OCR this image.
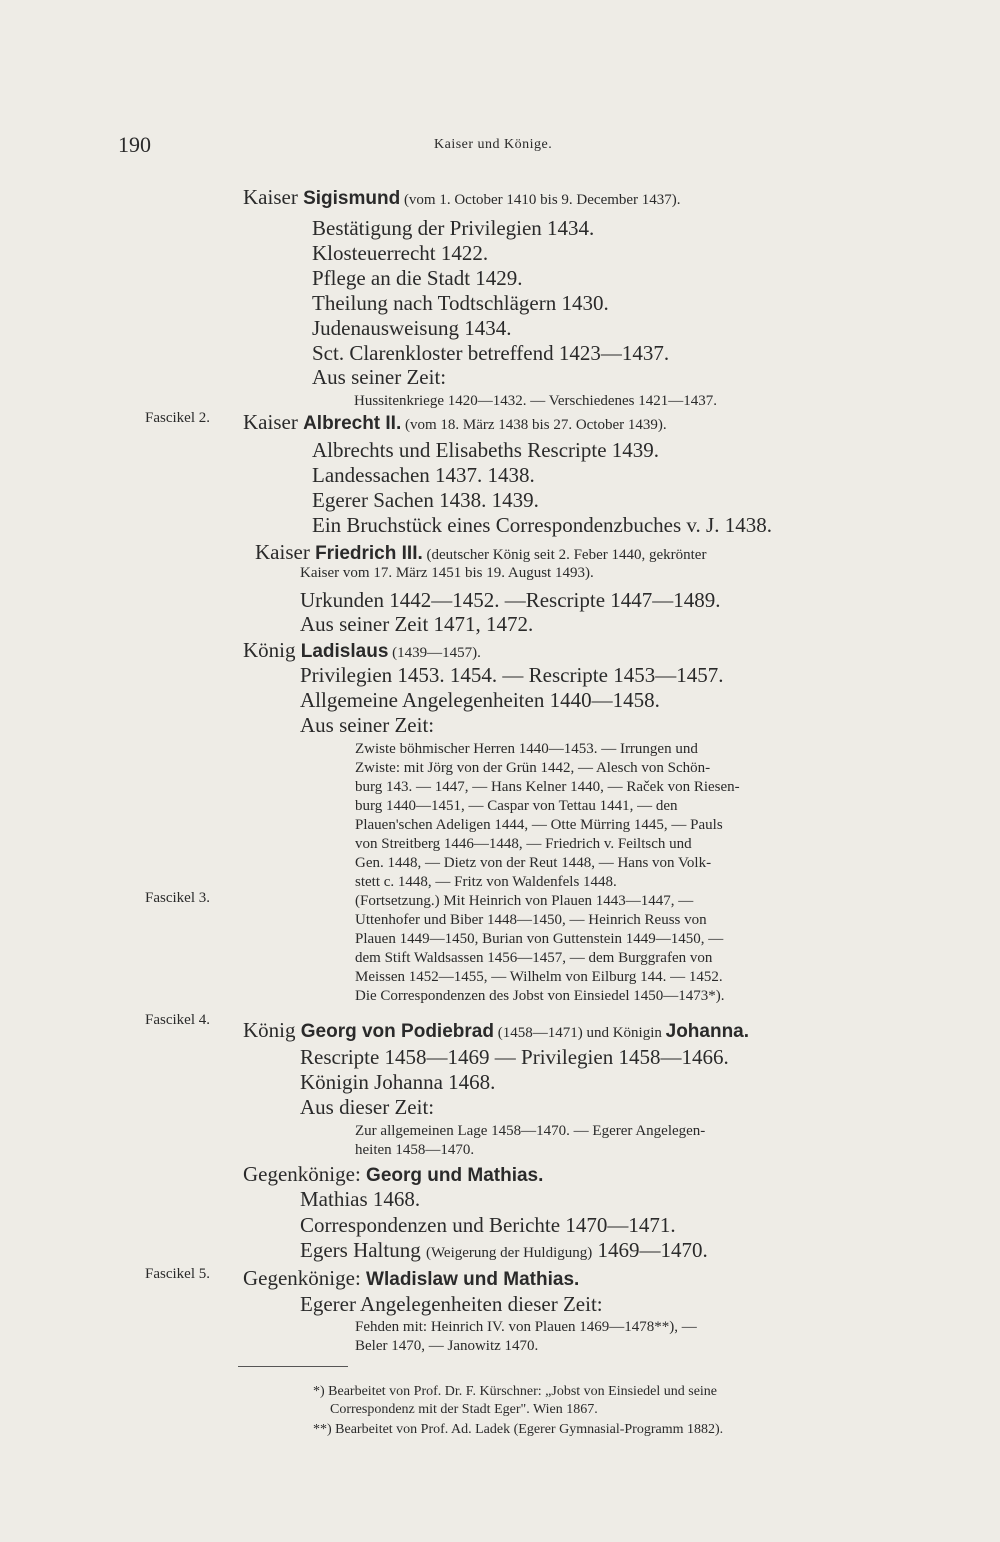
190	Kaiser und Könige.
Fascikel 2.
Fascikel 3.
Fascikel 4.
Fascikel 5.
Kaiser Sigismund (vom 1. October 1410 bis 9. December 1437).
Bestätigung der Privilegien 1434.
Klosteuerrecht 1422.
Pflege an die Stadt 1429.
Theilung nach Todtschlägern 1430.
Judenausweisung 1434.
Sct. Clarenkloster betreffend 1423—1437.
Aus seiner Zeit:
Hussitenkriege 1420—1432. — Verschiedenes 1421—1437.
Kaiser Albrecht II. (vom 18. März 1438 bis 27. October 1439).
Albrechts und Elisabeths Rescripte 1439.
Landessachen 1437. 1438.
Egerer Sachen 1438. 1439.
Ein Bruchstück eines Correspondenzbuches v. J. 1438.
Kaiser Friedrich III. (deutscher König seit 2. Feber 1440, gekrönter
Kaiser vom 17. März 1451 bis 19. August 1493).
Urkunden 1442—1452. —Rescripte 1447—1489.
Aus seiner Zeit 1471, 1472.
König Ladislaus (1439—1457).
Privilegien 1453. 1454. — Rescripte 1453—1457.
Allgemeine Angelegenheiten 1440—1458.
Aus seiner Zeit:
Zwiste böhmischer Herren 1440—1453. — Irrungen und
Zwiste: mit Jörg von der Grün 1442, — Alesch von Schön-
burg 143. — 1447, — Hans Kelner 1440, — Raček von Riesen-
burg 1440—1451, — Caspar von Tettau 1441, — den
Plauen'schen Adeligen 1444, — Otte Mürring 1445, — Pauls
von Streitberg 1446—1448, — Friedrich v. Feiltsch und
Gen. 1448, — Dietz von der Reut 1448, — Hans von Volk-
stett c. 1448, — Fritz von Waldenfels 1448.
(Fortsetzung.) Mit Heinrich von Plauen 1443—1447, —
Uttenhofer und Biber 1448—1450, — Heinrich Reuss von
Plauen 1449—1450, Burian von Guttenstein 1449—1450, —
dem Stift Waldsassen 1456—1457, — dem Burggrafen von
Meissen 1452—1455, — Wilhelm von Eilburg 144. — 1452.
Die Correspondenzen des Jobst von Einsiedel 1450—1473*).
König Georg von Podiebrad (1458—1471) und Königin Johanna.
Rescripte 1458—1469 — Privilegien 1458—1466.
Königin Johanna 1468.
Aus dieser Zeit:
Zur allgemeinen Lage 1458—1470. — Egerer Angelegen-
heiten 1458—1470.
Gegenkönige: Georg und Mathias.
Mathias 1468.
Correspondenzen und Berichte 1470—1471.
Egers Haltung (Weigerung der Huldigung) 1469—1470.
Gegenkönige: Wladislaw und Mathias.
Egerer Angelegenheiten dieser Zeit:
Fehden mit: Heinrich IV. von Plauen 1469—1478**), —
Beler 1470, — Janowitz 1470.
*) Bearbeitet von Prof. Dr. F. Kürschner: „Jobst von Einsiedel und seine
Correspondenz mit der Stadt Eger". Wien 1867.
**) Bearbeitet von Prof. Ad. Ladek (Egerer Gymnasial-Programm 1882).
